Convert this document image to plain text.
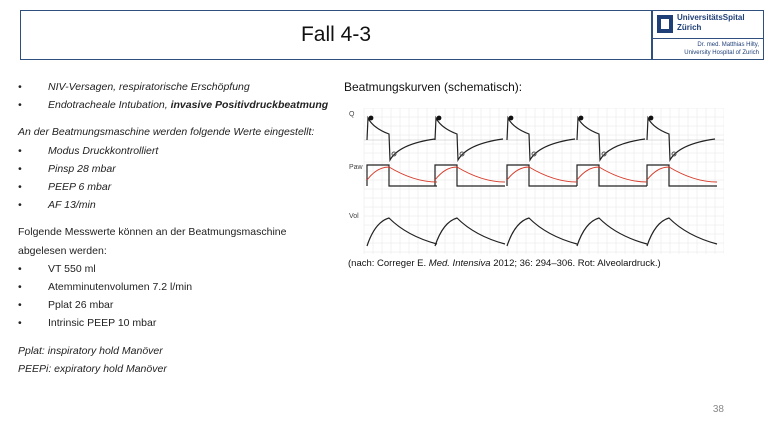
Fall 4-3
UniversitätsSpital
Zürich
Dr. med. Matthias Hilty,
University Hospital of Zurich
• NIV-Versagen, respiratorische Erschöpfung
• Endotracheale Intubation, invasive Positivdruckbeatmung
An der Beatmungsmaschine werden folgende Werte eingestellt:
• Modus Druckkontrolliert
• Pinsp 28 mbar
• PEEP 6 mbar
• AF 13/min
Folgende Messwerte können an der Beatmungsmaschine abgelesen werden:
• VT 550 ml
• Atemminutenvolumen 7.2 l/min
• Pplat 26 mbar
• Intrinsic PEEP 10 mbar
Pplat: inspiratory hold Manöver
PEEPi: expiratory hold Manöver
Beatmungskurven (schematisch):
Q
Paw
Vol
(nach: Correger E. Med. Intensiva 2012; 36: 294–306. Rot: Alveolardruck.)
38
